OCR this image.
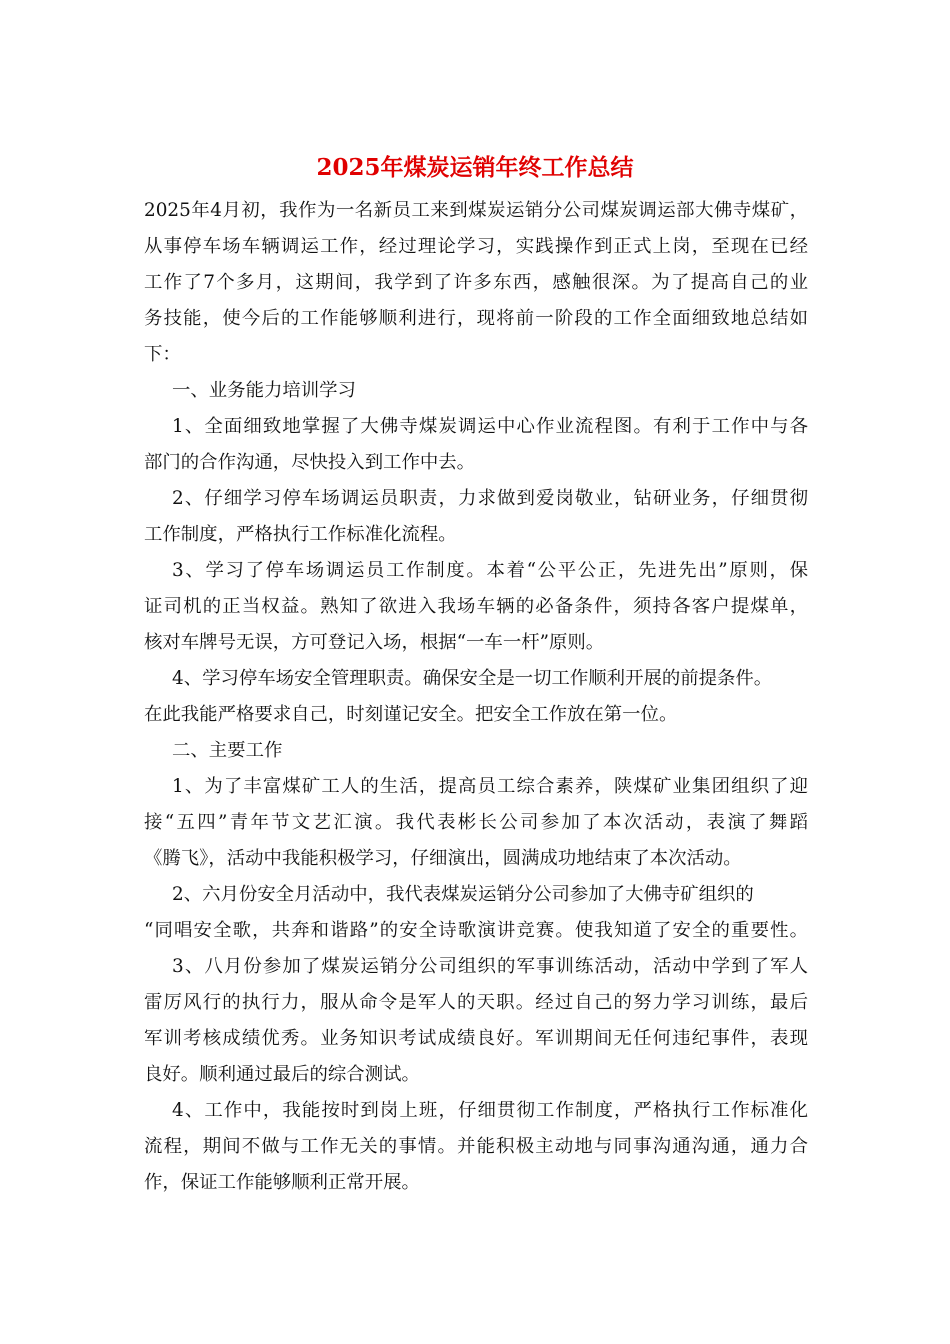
2025年煤炭运销年终工作总结
2025年4月初，我作为一名新员工来到煤炭运销分公司煤炭调运部大佛寺煤矿，
从事停车场车辆调运工作，经过理论学习，实践操作到正式上岗，至现在已经
工作了7个多月，这期间，我学到了许多东西，感触很深。为了提高自己的业
务技能，使今后的工作能够顺利进行，现将前一阶段的工作全面细致地总结如
下：
一、业务能力培训学习
1、全面细致地掌握了大佛寺煤炭调运中心作业流程图。有利于工作中与各
部门的合作沟通，尽快投入到工作中去。
2、仔细学习停车场调运员职责，力求做到爱岗敬业，钻研业务，仔细贯彻
工作制度，严格执行工作标准化流程。
3、学习了停车场调运员工作制度。本着“公平公正，先进先出”原则，保
证司机的正当权益。熟知了欲进入我场车辆的必备条件，须持各客户提煤单，
核对车牌号无误，方可登记入场，根据“一车一杆”原则。
4、学习停车场安全管理职责。确保安全是一切工作顺利开展的前提条件。
在此我能严格要求自己，时刻谨记安全。把安全工作放在第一位。
二、主要工作
1、为了丰富煤矿工人的生活，提高员工综合素养，陕煤矿业集团组织了迎
接“五四”青年节文艺汇演。我代表彬长公司参加了本次活动，表演了舞蹈
《腾飞》，活动中我能积极学习，仔细演出，圆满成功地结束了本次活动。
2、六月份安全月活动中，我代表煤炭运销分公司参加了大佛寺矿组织的
“同唱安全歌，共奔和谐路”的安全诗歌演讲竞赛。使我知道了安全的重要性。
3、八月份参加了煤炭运销分公司组织的军事训练活动，活动中学到了军人
雷厉风行的执行力，服从命令是军人的天职。经过自己的努力学习训练，最后
军训考核成绩优秀。业务知识考试成绩良好。军训期间无任何违纪事件，表现
良好。顺利通过最后的综合测试。
4、工作中，我能按时到岗上班，仔细贯彻工作制度，严格执行工作标准化
流程，期间不做与工作无关的事情。并能积极主动地与同事沟通沟通，通力合
作，保证工作能够顺利正常开展。
